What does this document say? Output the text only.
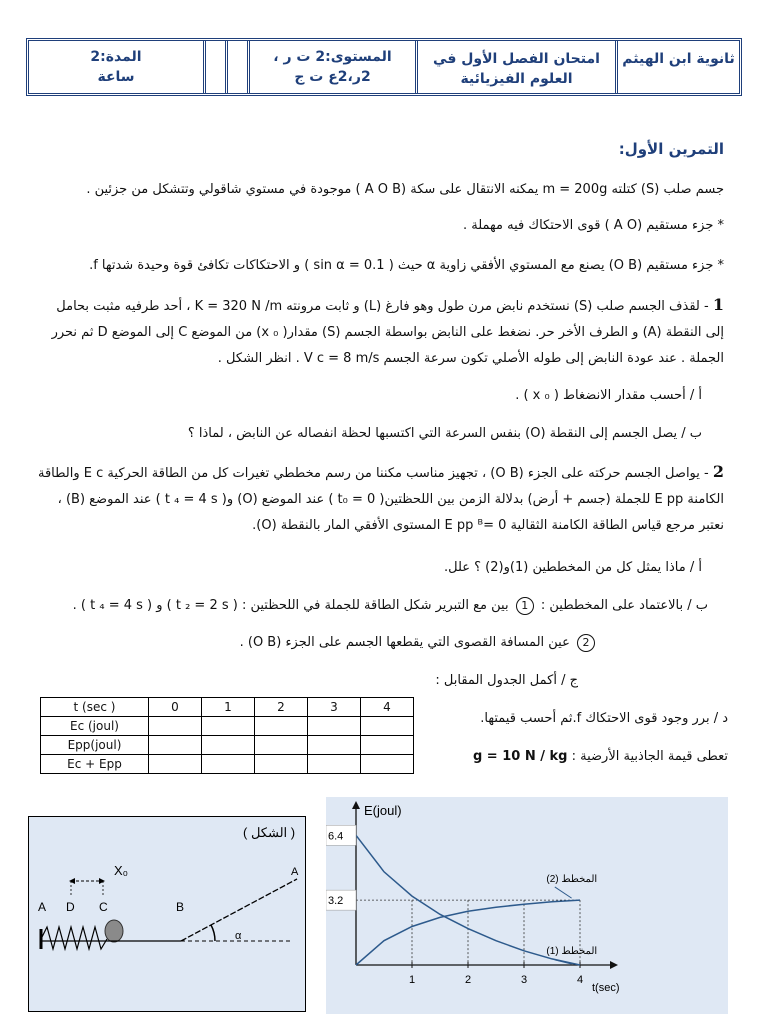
ثانوية ابن الهيثم
امتحان الفصل الأول في العلوم الفيزيائية
المستوى:2 ت ر ،
2ر،2ع ت ج
المدة:2
ساعة
التمرين الأول:
جسم صلب (S) كتلته m = 200g يمكنه الانتقال على سكة (A O B ) موجودة في مستوي شاقولي وتتشكل من جزئين .
* جزء مستقيم (A O ) قوى الاحتكاك فيه مهملة .
* جزء مستقيم (O B) يصنع مع المستوي الأفقي زاوية α حيث ( sin α = 0.1 ) و الاحتكاكات تكافئ قوة وحيدة شدتها f.
1 - لقذف الجسم صلب (S) نستخدم نابض مرن طول وهو فارغ (L) و ثابت مرونته K = 320 N /m ، أحد طرفيه مثبت بحامل إلى النقطة (A) و الطرف الأخر حر. نضغط على النابض بواسطة الجسم (S) مقدار( x ₀) من الموضع C إلى الموضع D ثم نحرر الجملة . عند عودة النابض إلى طوله الأصلي تكون سرعة الجسم V c = 8 m/s . انظر الشكل .
أ / أحسب مقدار الانضغاط ( x ₀ ) .
ب / يصل الجسم إلى النقطة (O) بنفس السرعة التي اكتسبها لحظة انفصاله عن النابض ، لماذا ؟
2 - يواصل الجسم حركته على الجزء (O B) ، تجهيز مناسب مكننا من رسم مخططي تغيرات كل من الطاقة الحركية E c والطاقة الكامنة E pp للجملة (جسم + أرض) بدلالة الزمن بين اللحظتين( t₀ = 0 ) عند الموضع (O) و( t ₄ = 4 s ) عند الموضع (B) ، نعتبر مرجع قياس الطاقة الكامنة الثقالية E pp ᴮ= 0 المستوى الأفقي المار بالنقطة (O).
أ / ماذا يمثل كل من المخططين (1)و(2) ؟ علل.
ب / بالاعتماد على المخططين : 1 بين مع التبرير شكل الطاقة للجملة في اللحظتين : ( t ₂ = 2 s ) و ( t ₄ = 4 s ) .
2 عين المسافة القصوى التي يقطعها الجسم على الجزء (O B) .
ج / أكمل الجدول المقابل :
د / برر وجود قوى الاحتكاك f.ثم أحسب قيمتها.
تعطى قيمة الجاذبية الأرضية : g = 10 N / kg
t (sec )	0	1	2	3	4
Ec (joul)					
Epp(joul)					
Ec + Epp					
( الشكل )
α
X₀
A D C	B
A
E(joul)
t(sec)
1	2	3	4
3.2
6.4
المخطط (1)
المخطط (2)
